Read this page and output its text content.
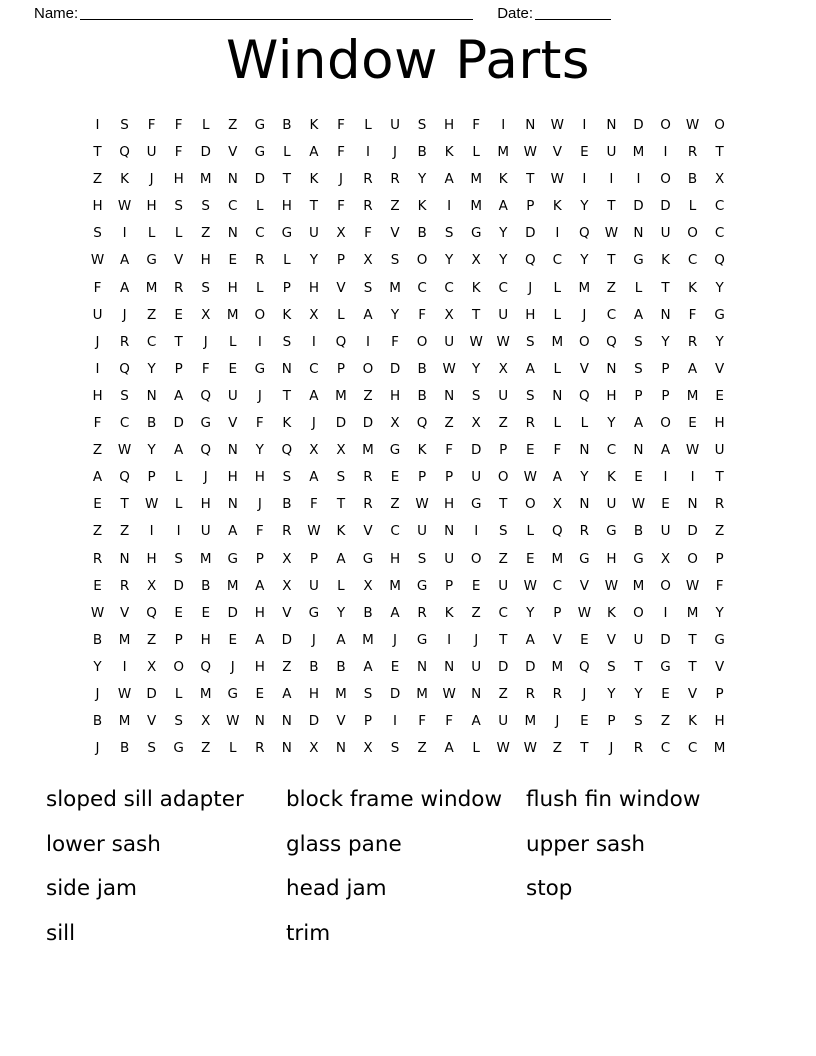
Name:	Date:
Window Parts
I	S	F	F	L	Z	G	B	K	F	L	U	S	H	F	I	N	W	I	N	D	O	W	O
T	Q	U	F	D	V	G	L	A	F	I	J	B	K	L	M	W	V	E	U	M	I	R	T
Z	K	J	H	M	N	D	T	K	J	R	R	Y	A	M	K	T	W	I	I	I	O	B	X
H	W	H	S	S	C	L	H	T	F	R	Z	K	I	M	A	P	K	Y	T	D	D	L	C
S	I	L	L	Z	N	C	G	U	X	F	V	B	S	G	Y	D	I	Q	W	N	U	O	C
W	A	G	V	H	E	R	L	Y	P	X	S	O	Y	X	Y	Q	C	Y	T	G	K	C	Q
F	A	M	R	S	H	L	P	H	V	S	M	C	C	K	C	J	L	M	Z	L	T	K	Y
U	J	Z	E	X	M	O	K	X	L	A	Y	F	X	T	U	H	L	J	C	A	N	F	G
J	R	C	T	J	L	I	S	I	Q	I	F	O	U	W	W	S	M	O	Q	S	Y	R	Y
I	Q	Y	P	F	E	G	N	C	P	O	D	B	W	Y	X	A	L	V	N	S	P	A	V
H	S	N	A	Q	U	J	T	A	M	Z	H	B	N	S	U	S	N	Q	H	P	P	M	E
F	C	B	D	G	V	F	K	J	D	D	X	Q	Z	X	Z	R	L	L	Y	A	O	E	H
Z	W	Y	A	Q	N	Y	Q	X	X	M	G	K	F	D	P	E	F	N	C	N	A	W	U
A	Q	P	L	J	H	H	S	A	S	R	E	P	P	U	O	W	A	Y	K	E	I	I	T
E	T	W	L	H	N	J	B	F	T	R	Z	W	H	G	T	O	X	N	U	W	E	N	R
Z	Z	I	I	U	A	F	R	W	K	V	C	U	N	I	S	L	Q	R	G	B	U	D	Z
R	N	H	S	M	G	P	X	P	A	G	H	S	U	O	Z	E	M	G	H	G	X	O	P
E	R	X	D	B	M	A	X	U	L	X	M	G	P	E	U	W	C	V	W	M	O	W	F
W	V	Q	E	E	D	H	V	G	Y	B	A	R	K	Z	C	Y	P	W	K	O	I	M	Y
B	M	Z	P	H	E	A	D	J	A	M	J	G	I	J	T	A	V	E	V	U	D	T	G
Y	I	X	O	Q	J	H	Z	B	B	A	E	N	N	U	D	D	M	Q	S	T	G	T	V
J	W	D	L	M	G	E	A	H	M	S	D	M	W	N	Z	R	R	J	Y	Y	E	V	P
B	M	V	S	X	W	N	N	D	V	P	I	F	F	A	U	M	J	E	P	S	Z	K	H
J	B	S	G	Z	L	R	N	X	N	X	S	Z	A	L	W	W	Z	T	J	R	C	C	M
sloped sill adapter	block frame window	flush fin window
lower sash	glass pane	upper sash
side jam	head jam	stop
sill	trim
